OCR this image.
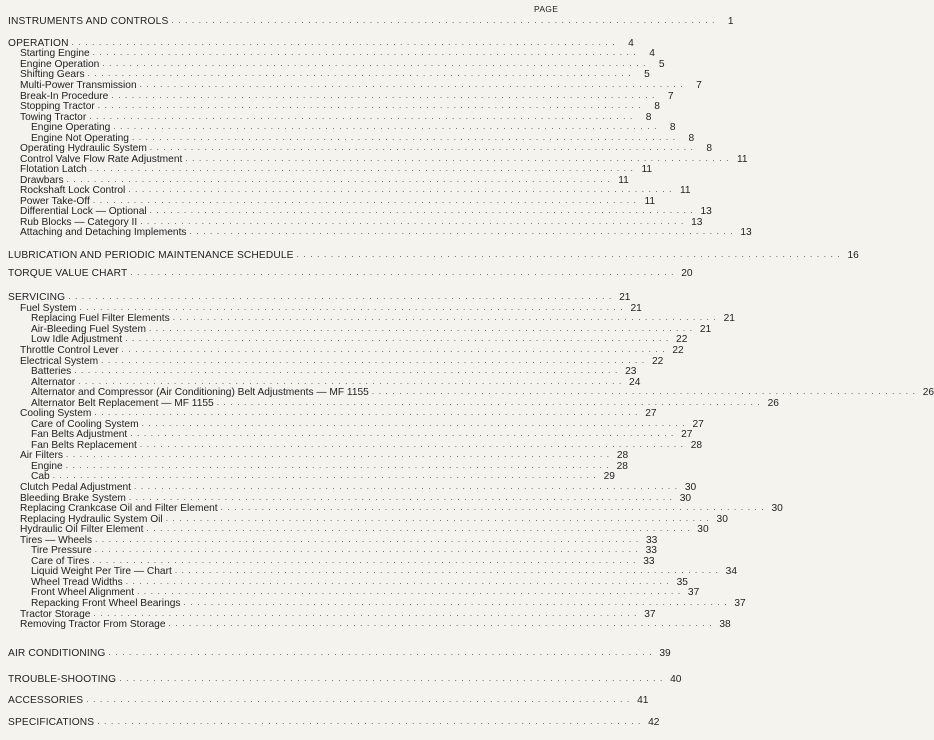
PAGE
INSTRUMENTS AND CONTROLS . . . . . . . . . . . . . . . . . . . . . . . . . . . . . . . . . . . . . . . . . . . . . . . . . . . . . . . . . . . . . . . . . . . . . . . . . . . . . . . .	1
OPERATION . . . . . . . . . . . . . . . . . . . . . . . . . . . . . . . . . . . . . . . . . . . . . . . . . . . . . . . . . . . . . . . . . . . . . . . . . . . . . . . .	4
Starting Engine . . . . . . . . . . . . . . . . . . . . . . . . . . . . . . . . . . . . . . . . . . . . . . . . . . . . . . . . . . . . . . . . . . . . . . . . . . . . . . . .	4
Engine Operation . . . . . . . . . . . . . . . . . . . . . . . . . . . . . . . . . . . . . . . . . . . . . . . . . . . . . . . . . . . . . . . . . . . . . . . . . . . . . . . .	5
Shifting Gears . . . . . . . . . . . . . . . . . . . . . . . . . . . . . . . . . . . . . . . . . . . . . . . . . . . . . . . . . . . . . . . . . . . . . . . . . . . . . . . .	5
Multi-Power Transmission . . . . . . . . . . . . . . . . . . . . . . . . . . . . . . . . . . . . . . . . . . . . . . . . . . . . . . . . . . . . . . . . . . . . . . . . . . . . . . . .	7
Break-In Procedure . . . . . . . . . . . . . . . . . . . . . . . . . . . . . . . . . . . . . . . . . . . . . . . . . . . . . . . . . . . . . . . . . . . . . . . . . . . . . . . .	7
Stopping Tractor . . . . . . . . . . . . . . . . . . . . . . . . . . . . . . . . . . . . . . . . . . . . . . . . . . . . . . . . . . . . . . . . . . . . . . . . . . . . . . . .	8
Towing Tractor . . . . . . . . . . . . . . . . . . . . . . . . . . . . . . . . . . . . . . . . . . . . . . . . . . . . . . . . . . . . . . . . . . . . . . . . . . . . . . . .	8
Engine Operating . . . . . . . . . . . . . . . . . . . . . . . . . . . . . . . . . . . . . . . . . . . . . . . . . . . . . . . . . . . . . . . . . . . . . . . . . . . . . . . .	8
Engine Not Operating . . . . . . . . . . . . . . . . . . . . . . . . . . . . . . . . . . . . . . . . . . . . . . . . . . . . . . . . . . . . . . . . . . . . . . . . . . . . . . . .	8
Operating Hydraulic System . . . . . . . . . . . . . . . . . . . . . . . . . . . . . . . . . . . . . . . . . . . . . . . . . . . . . . . . . . . . . . . . . . . . . . . . . . . . . . . .	8
Control Valve Flow Rate Adjustment . . . . . . . . . . . . . . . . . . . . . . . . . . . . . . . . . . . . . . . . . . . . . . . . . . . . . . . . . . . . . . . . . . . . . . . . . . . . . . . . 11
Flotation Latch . . . . . . . . . . . . . . . . . . . . . . . . . . . . . . . . . . . . . . . . . . . . . . . . . . . . . . . . . . . . . . . . . . . . . . . . . . . . . . . . 11
Drawbars . . . . . . . . . . . . . . . . . . . . . . . . . . . . . . . . . . . . . . . . . . . . . . . . . . . . . . . . . . . . . . . . . . . . . . . . . . . . . . . . 11
Rockshaft Lock Control . . . . . . . . . . . . . . . . . . . . . . . . . . . . . . . . . . . . . . . . . . . . . . . . . . . . . . . . . . . . . . . . . . . . . . . . . . . . . . . . 11
Power Take-Off . . . . . . . . . . . . . . . . . . . . . . . . . . . . . . . . . . . . . . . . . . . . . . . . . . . . . . . . . . . . . . . . . . . . . . . . . . . . . . . . 11
Differential Lock — Optional . . . . . . . . . . . . . . . . . . . . . . . . . . . . . . . . . . . . . . . . . . . . . . . . . . . . . . . . . . . . . . . . . . . . . . . . . . . . . . . . 13
Rub Blocks — Category II . . . . . . . . . . . . . . . . . . . . . . . . . . . . . . . . . . . . . . . . . . . . . . . . . . . . . . . . . . . . . . . . . . . . . . . . . . . . . . . . 13
Attaching and Detaching Implements . . . . . . . . . . . . . . . . . . . . . . . . . . . . . . . . . . . . . . . . . . . . . . . . . . . . . . . . . . . . . . . . . . . . . . . . . . . . . . . . 13
LUBRICATION AND PERIODIC MAINTENANCE SCHEDULE . . . . . . . . . . . . . . . . . . . . . . . . . . . . . . . . . . . . . . . . . . . . . . . . . . . . . . . . . . . . . . . . . . . . . . . . . . . . . . . . 16
TORQUE VALUE CHART . . . . . . . . . . . . . . . . . . . . . . . . . . . . . . . . . . . . . . . . . . . . . . . . . . . . . . . . . . . . . . . . . . . . . . . . . . . . . . . . 20
SERVICING . . . . . . . . . . . . . . . . . . . . . . . . . . . . . . . . . . . . . . . . . . . . . . . . . . . . . . . . . . . . . . . . . . . . . . . . . . . . . . . . 21
Fuel System . . . . . . . . . . . . . . . . . . . . . . . . . . . . . . . . . . . . . . . . . . . . . . . . . . . . . . . . . . . . . . . . . . . . . . . . . . . . . . . . 21
Replacing Fuel Filter Elements . . . . . . . . . . . . . . . . . . . . . . . . . . . . . . . . . . . . . . . . . . . . . . . . . . . . . . . . . . . . . . . . . . . . . . . . . . . . . . . . 21
Air-Bleeding Fuel System . . . . . . . . . . . . . . . . . . . . . . . . . . . . . . . . . . . . . . . . . . . . . . . . . . . . . . . . . . . . . . . . . . . . . . . . . . . . . . . . 21
Low Idle Adjustment . . . . . . . . . . . . . . . . . . . . . . . . . . . . . . . . . . . . . . . . . . . . . . . . . . . . . . . . . . . . . . . . . . . . . . . . . . . . . . . . 22
Throttle Control Lever . . . . . . . . . . . . . . . . . . . . . . . . . . . . . . . . . . . . . . . . . . . . . . . . . . . . . . . . . . . . . . . . . . . . . . . . . . . . . . . . 22
Electrical System . . . . . . . . . . . . . . . . . . . . . . . . . . . . . . . . . . . . . . . . . . . . . . . . . . . . . . . . . . . . . . . . . . . . . . . . . . . . . . . . 22
Batteries . . . . . . . . . . . . . . . . . . . . . . . . . . . . . . . . . . . . . . . . . . . . . . . . . . . . . . . . . . . . . . . . . . . . . . . . . . . . . . . . 23
Alternator . . . . . . . . . . . . . . . . . . . . . . . . . . . . . . . . . . . . . . . . . . . . . . . . . . . . . . . . . . . . . . . . . . . . . . . . . . . . . . . . 24
Alternator and Compressor (Air Conditioning) Belt Adjustments — MF 1155 . . . . . . . . . . . . . . . . . . . . . . . . . . . . . . . . . . . . . . . . . . . . . . . . . . . . . . . . . . . . . . . . . . . . . . . . . . . . . . . . 26
Alternator Belt Replacement — MF 1155 . . . . . . . . . . . . . . . . . . . . . . . . . . . . . . . . . . . . . . . . . . . . . . . . . . . . . . . . . . . . . . . . . . . . . . . . . . . . . . . . 26
Cooling System . . . . . . . . . . . . . . . . . . . . . . . . . . . . . . . . . . . . . . . . . . . . . . . . . . . . . . . . . . . . . . . . . . . . . . . . . . . . . . . . 27
Care of Cooling System . . . . . . . . . . . . . . . . . . . . . . . . . . . . . . . . . . . . . . . . . . . . . . . . . . . . . . . . . . . . . . . . . . . . . . . . . . . . . . . . 27
Fan Belts Adjustment . . . . . . . . . . . . . . . . . . . . . . . . . . . . . . . . . . . . . . . . . . . . . . . . . . . . . . . . . . . . . . . . . . . . . . . . . . . . . . . . 27
Fan Belts Replacement . . . . . . . . . . . . . . . . . . . . . . . . . . . . . . . . . . . . . . . . . . . . . . . . . . . . . . . . . . . . . . . . . . . . . . . . . . . . . . . . 28
Air Filters . . . . . . . . . . . . . . . . . . . . . . . . . . . . . . . . . . . . . . . . . . . . . . . . . . . . . . . . . . . . . . . . . . . . . . . . . . . . . . . . 28
Engine . . . . . . . . . . . . . . . . . . . . . . . . . . . . . . . . . . . . . . . . . . . . . . . . . . . . . . . . . . . . . . . . . . . . . . . . . . . . . . . . 28
Cab . . . . . . . . . . . . . . . . . . . . . . . . . . . . . . . . . . . . . . . . . . . . . . . . . . . . . . . . . . . . . . . . . . . . . . . . . . . . . . . . 29
Clutch Pedal Adjustment . . . . . . . . . . . . . . . . . . . . . . . . . . . . . . . . . . . . . . . . . . . . . . . . . . . . . . . . . . . . . . . . . . . . . . . . . . . . . . . . 30
Bleeding Brake System . . . . . . . . . . . . . . . . . . . . . . . . . . . . . . . . . . . . . . . . . . . . . . . . . . . . . . . . . . . . . . . . . . . . . . . . . . . . . . . . 30
Replacing Crankcase Oil and Filter Element . . . . . . . . . . . . . . . . . . . . . . . . . . . . . . . . . . . . . . . . . . . . . . . . . . . . . . . . . . . . . . . . . . . . . . . . . . . . . . . . 30
Replacing Hydraulic System Oil . . . . . . . . . . . . . . . . . . . . . . . . . . . . . . . . . . . . . . . . . . . . . . . . . . . . . . . . . . . . . . . . . . . . . . . . . . . . . . . . 30
Hydraulic Oil Filter Element . . . . . . . . . . . . . . . . . . . . . . . . . . . . . . . . . . . . . . . . . . . . . . . . . . . . . . . . . . . . . . . . . . . . . . . . . . . . . . . . 30
Tires — Wheels . . . . . . . . . . . . . . . . . . . . . . . . . . . . . . . . . . . . . . . . . . . . . . . . . . . . . . . . . . . . . . . . . . . . . . . . . . . . . . . . 33
Tire Pressure . . . . . . . . . . . . . . . . . . . . . . . . . . . . . . . . . . . . . . . . . . . . . . . . . . . . . . . . . . . . . . . . . . . . . . . . . . . . . . . . 33
Care of Tires . . . . . . . . . . . . . . . . . . . . . . . . . . . . . . . . . . . . . . . . . . . . . . . . . . . . . . . . . . . . . . . . . . . . . . . . . . . . . . . . 33
Liquid Weight Per Tire — Chart . . . . . . . . . . . . . . . . . . . . . . . . . . . . . . . . . . . . . . . . . . . . . . . . . . . . . . . . . . . . . . . . . . . . . . . . . . . . . . . . 34
Wheel Tread Widths . . . . . . . . . . . . . . . . . . . . . . . . . . . . . . . . . . . . . . . . . . . . . . . . . . . . . . . . . . . . . . . . . . . . . . . . . . . . . . . . 35
Front Wheel Alignment . . . . . . . . . . . . . . . . . . . . . . . . . . . . . . . . . . . . . . . . . . . . . . . . . . . . . . . . . . . . . . . . . . . . . . . . . . . . . . . . 37
Repacking Front Wheel Bearings . . . . . . . . . . . . . . . . . . . . . . . . . . . . . . . . . . . . . . . . . . . . . . . . . . . . . . . . . . . . . . . . . . . . . . . . . . . . . . . . 37
Tractor Storage . . . . . . . . . . . . . . . . . . . . . . . . . . . . . . . . . . . . . . . . . . . . . . . . . . . . . . . . . . . . . . . . . . . . . . . . . . . . . . . . 37
Removing Tractor From Storage . . . . . . . . . . . . . . . . . . . . . . . . . . . . . . . . . . . . . . . . . . . . . . . . . . . . . . . . . . . . . . . . . . . . . . . . . . . . . . . . 38
AIR CONDITIONING . . . . . . . . . . . . . . . . . . . . . . . . . . . . . . . . . . . . . . . . . . . . . . . . . . . . . . . . . . . . . . . . . . . . . . . . . . . . . . . . 39
TROUBLE-SHOOTING . . . . . . . . . . . . . . . . . . . . . . . . . . . . . . . . . . . . . . . . . . . . . . . . . . . . . . . . . . . . . . . . . . . . . . . . . . . . . . . . 40
ACCESSORIES . . . . . . . . . . . . . . . . . . . . . . . . . . . . . . . . . . . . . . . . . . . . . . . . . . . . . . . . . . . . . . . . . . . . . . . . . . . . . . . . 41
SPECIFICATIONS . . . . . . . . . . . . . . . . . . . . . . . . . . . . . . . . . . . . . . . . . . . . . . . . . . . . . . . . . . . . . . . . . . . . . . . . . . . . . . . . 42
